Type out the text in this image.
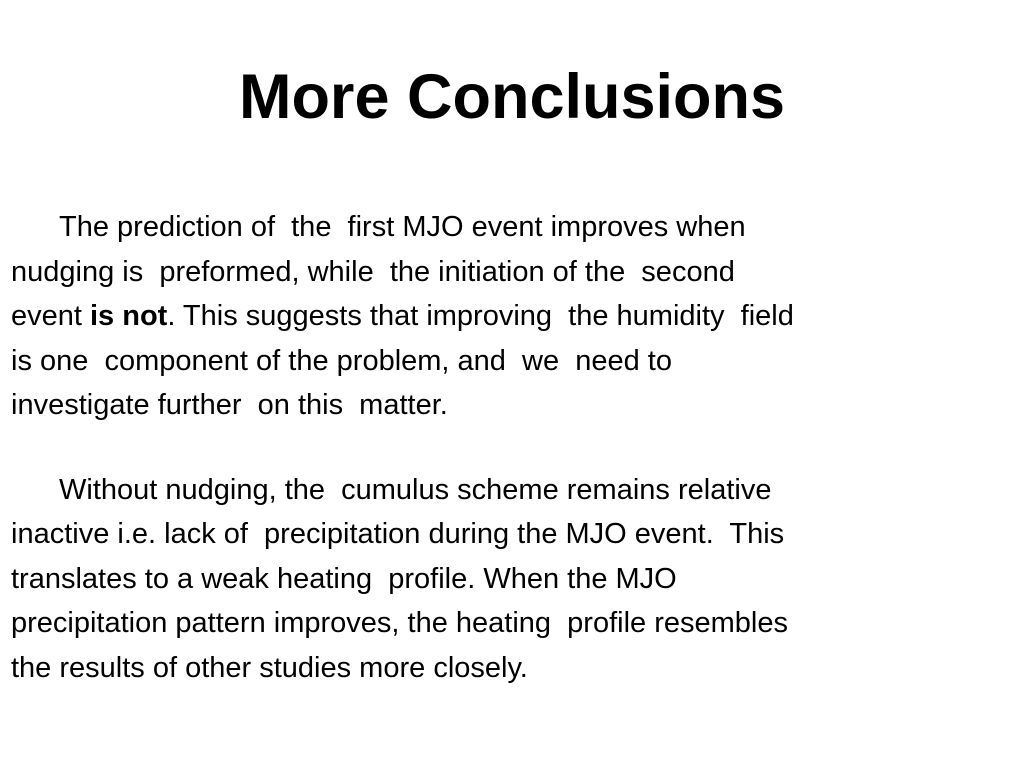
More Conclusions

The prediction of  the  first MJO event improves when
nudging is  preformed, while  the initiation of the  second
event is not. This suggests that improving  the humidity  field
is one  component of the problem, and  we  need to
investigate further  on this  matter.

Without nudging, the  cumulus scheme remains relative
inactive i.e. lack of  precipitation during the MJO event.  This
translates to a weak heating  profile. When the MJO
precipitation pattern improves, the heating  profile resembles
the results of other studies more closely.
